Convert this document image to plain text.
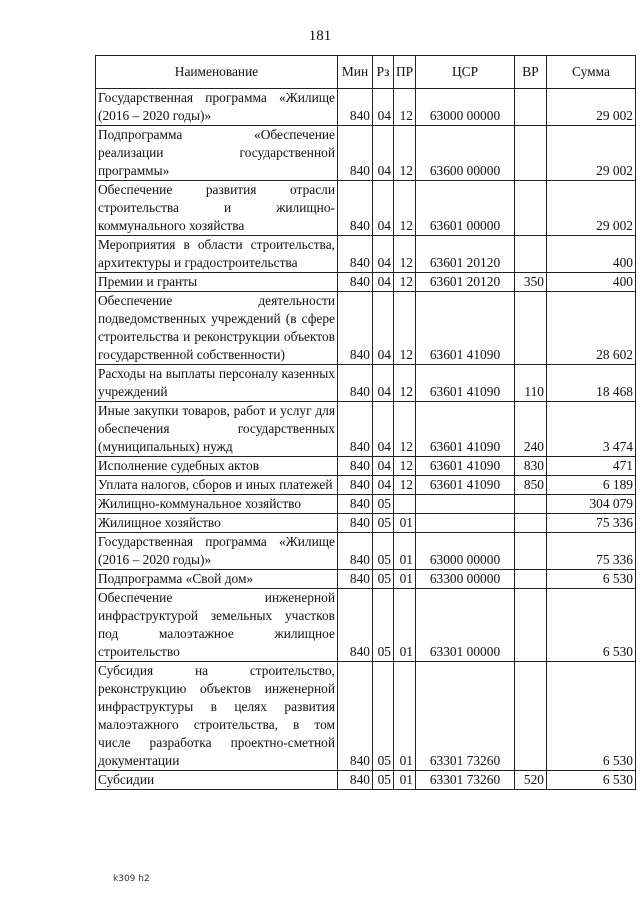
181
Наименование	Мин	Рз	ПР	ЦСР	ВР	Сумма
Государственная программа «Жилище (2016 – 2020 годы)»	840	04	12	63000 00000		29 002
Подпрограмма «Обеспечение реализации государственной программы»	840	04	12	63600 00000		29 002
Обеспечение развития отрасли строительства и жилищно-коммунального хозяйства	840	04	12	63601 00000		29 002
Мероприятия в области строительства, архитектуры и градостроительства	840	04	12	63601 20120		400
Премии и гранты	840	04	12	63601 20120	350	400
Обеспечение деятельности подведомственных учреждений (в сфере строительства и реконструкции объектов государственной собственности)	840	04	12	63601 41090		28 602
Расходы на выплаты персоналу казенных учреждений	840	04	12	63601 41090	110	18 468
Иные закупки товаров, работ и услуг для обеспечения государственных (муниципальных) нужд	840	04	12	63601 41090	240	3 474
Исполнение судебных актов	840	04	12	63601 41090	830	471
Уплата налогов, сборов и иных платежей	840	04	12	63601 41090	850	6 189
Жилищно-коммунальное хозяйство	840	05				304 079
Жилищное хозяйство	840	05	01			75 336
Государственная программа «Жилище (2016 – 2020 годы)»	840	05	01	63000 00000		75 336
Подпрограмма «Свой дом»	840	05	01	63300 00000		6 530
Обеспечение инженерной инфраструктурой земельных участков под малоэтажное жилищное строительство	840	05	01	63301 00000		6 530
Субсидия на строительство, реконструкцию объектов инженерной инфраструктуры в целях развития малоэтажного строительства, в том числе разработка проектно-сметной документации	840	05	01	63301 73260		6 530
Субсидии	840	05	01	63301 73260	520	6 530
k309 h2
